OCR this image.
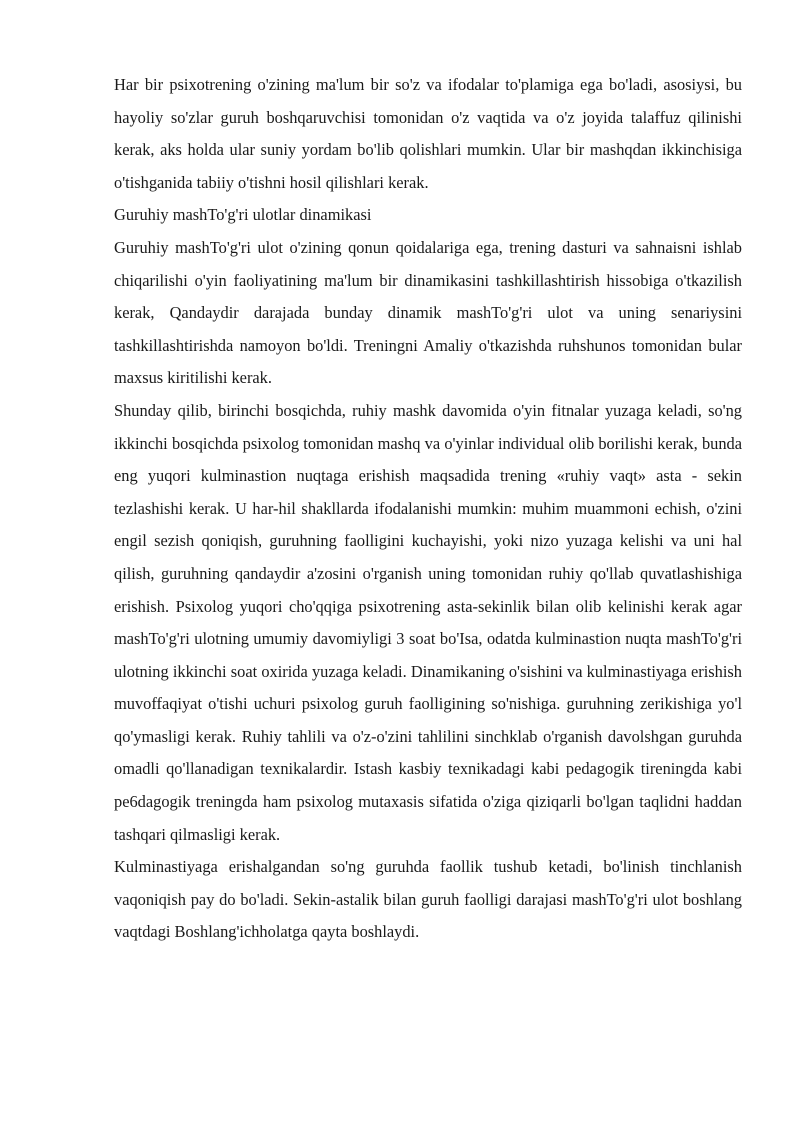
Har bir psixotrening o'zining ma'lum bir so'z va ifodalar to'plamiga ega bo'ladi, asosiysi, bu hayoliy so'zlar guruh boshqaruvchisi tomonidan o'z vaqtida va o'z joyida talaffuz qilinishi kerak, aks holda ular suniy yordam bo'lib qolishlari mumkin. Ular bir mashqdan ikkinchisiga o'tishganida tabiiy o'tishni hosil qilishlari kerak.

Guruhiy mashTo'g'ri ulotlar dinamikasi

Guruhiy mashTo'g'ri ulot o'zining qonun qoidalariga ega, trening dasturi va sahnaisni ishlab chiqarilishi o'yin faoliyatining ma'lum bir dinamikasini tashkillashtirish hissobiga o'tkazilish kerak, Qandaydir darajada bunday dinamik mashTo'g'ri ulot va uning senariysini tashkillashtirishda namoyon bo'ldi. Treningni Amaliy o'tkazishda ruhshunos tomonidan bular maxsus kiritilishi kerak.

Shunday qilib, birinchi bosqichda, ruhiy mashk davomida o'yin fitnalar yuzaga keladi, so'ng ikkinchi bosqichda psixolog tomonidan mashq va o'yinlar individual olib borilishi kerak, bunda eng yuqori kulminastion nuqtaga erishish maqsadida trening «ruhiy vaqt» asta - sekin tezlashishi kerak. U har-hil shakllarda ifodalanishi mumkin: muhim muammoni echish, o'zini engil sezish qoniqish, guruhning faolligini kuchayishi, yoki nizo yuzaga kelishi va uni hal qilish, guruhning qandaydir a'zosini o'rganish uning tomonidan ruhiy qo'llab quvatlashishiga erishish. Psixolog yuqori cho'qqiga psixotrening asta-sekinlik bilan olib kelinishi kerak agar mashTo'g'ri ulotning umumiy davomiyligi 3 soat bo'Isa, odatda kulminastion nuqta mashTo'g'ri ulotning ikkinchi soat oxirida yuzaga keladi. Dinamikaning o'sishini va kulminastiyaga erishish muvoffaqiyat o'tishi uchuri psixolog guruh faolligining so'nishiga. guruhning zerikishiga yo'l qo'ymasligi kerak. Ruhiy tahlili va o'z-o'zini tahlilini sinchklab o'rganish davolshgan guruhda omadli qo'llanadigan texnikalardir. Istash kasbiy texnikadagi kabi pedagogik tireningda kabi pe6dagogik treningda ham psixolog mutaxasis sifatida o'ziga qiziqarli bo'lgan taqlidni haddan tashqari qilmasligi kerak.

Kulminastiyaga erishalgandan so'ng guruhda faollik tushub ketadi, bo'linish tinchlanish vaqoniqish pay do bo'ladi. Sekin-astalik bilan guruh faolligi darajasi mashTo'g'ri ulot boshlang vaqtdagi Boshlang'ichholatga qayta boshlaydi.
